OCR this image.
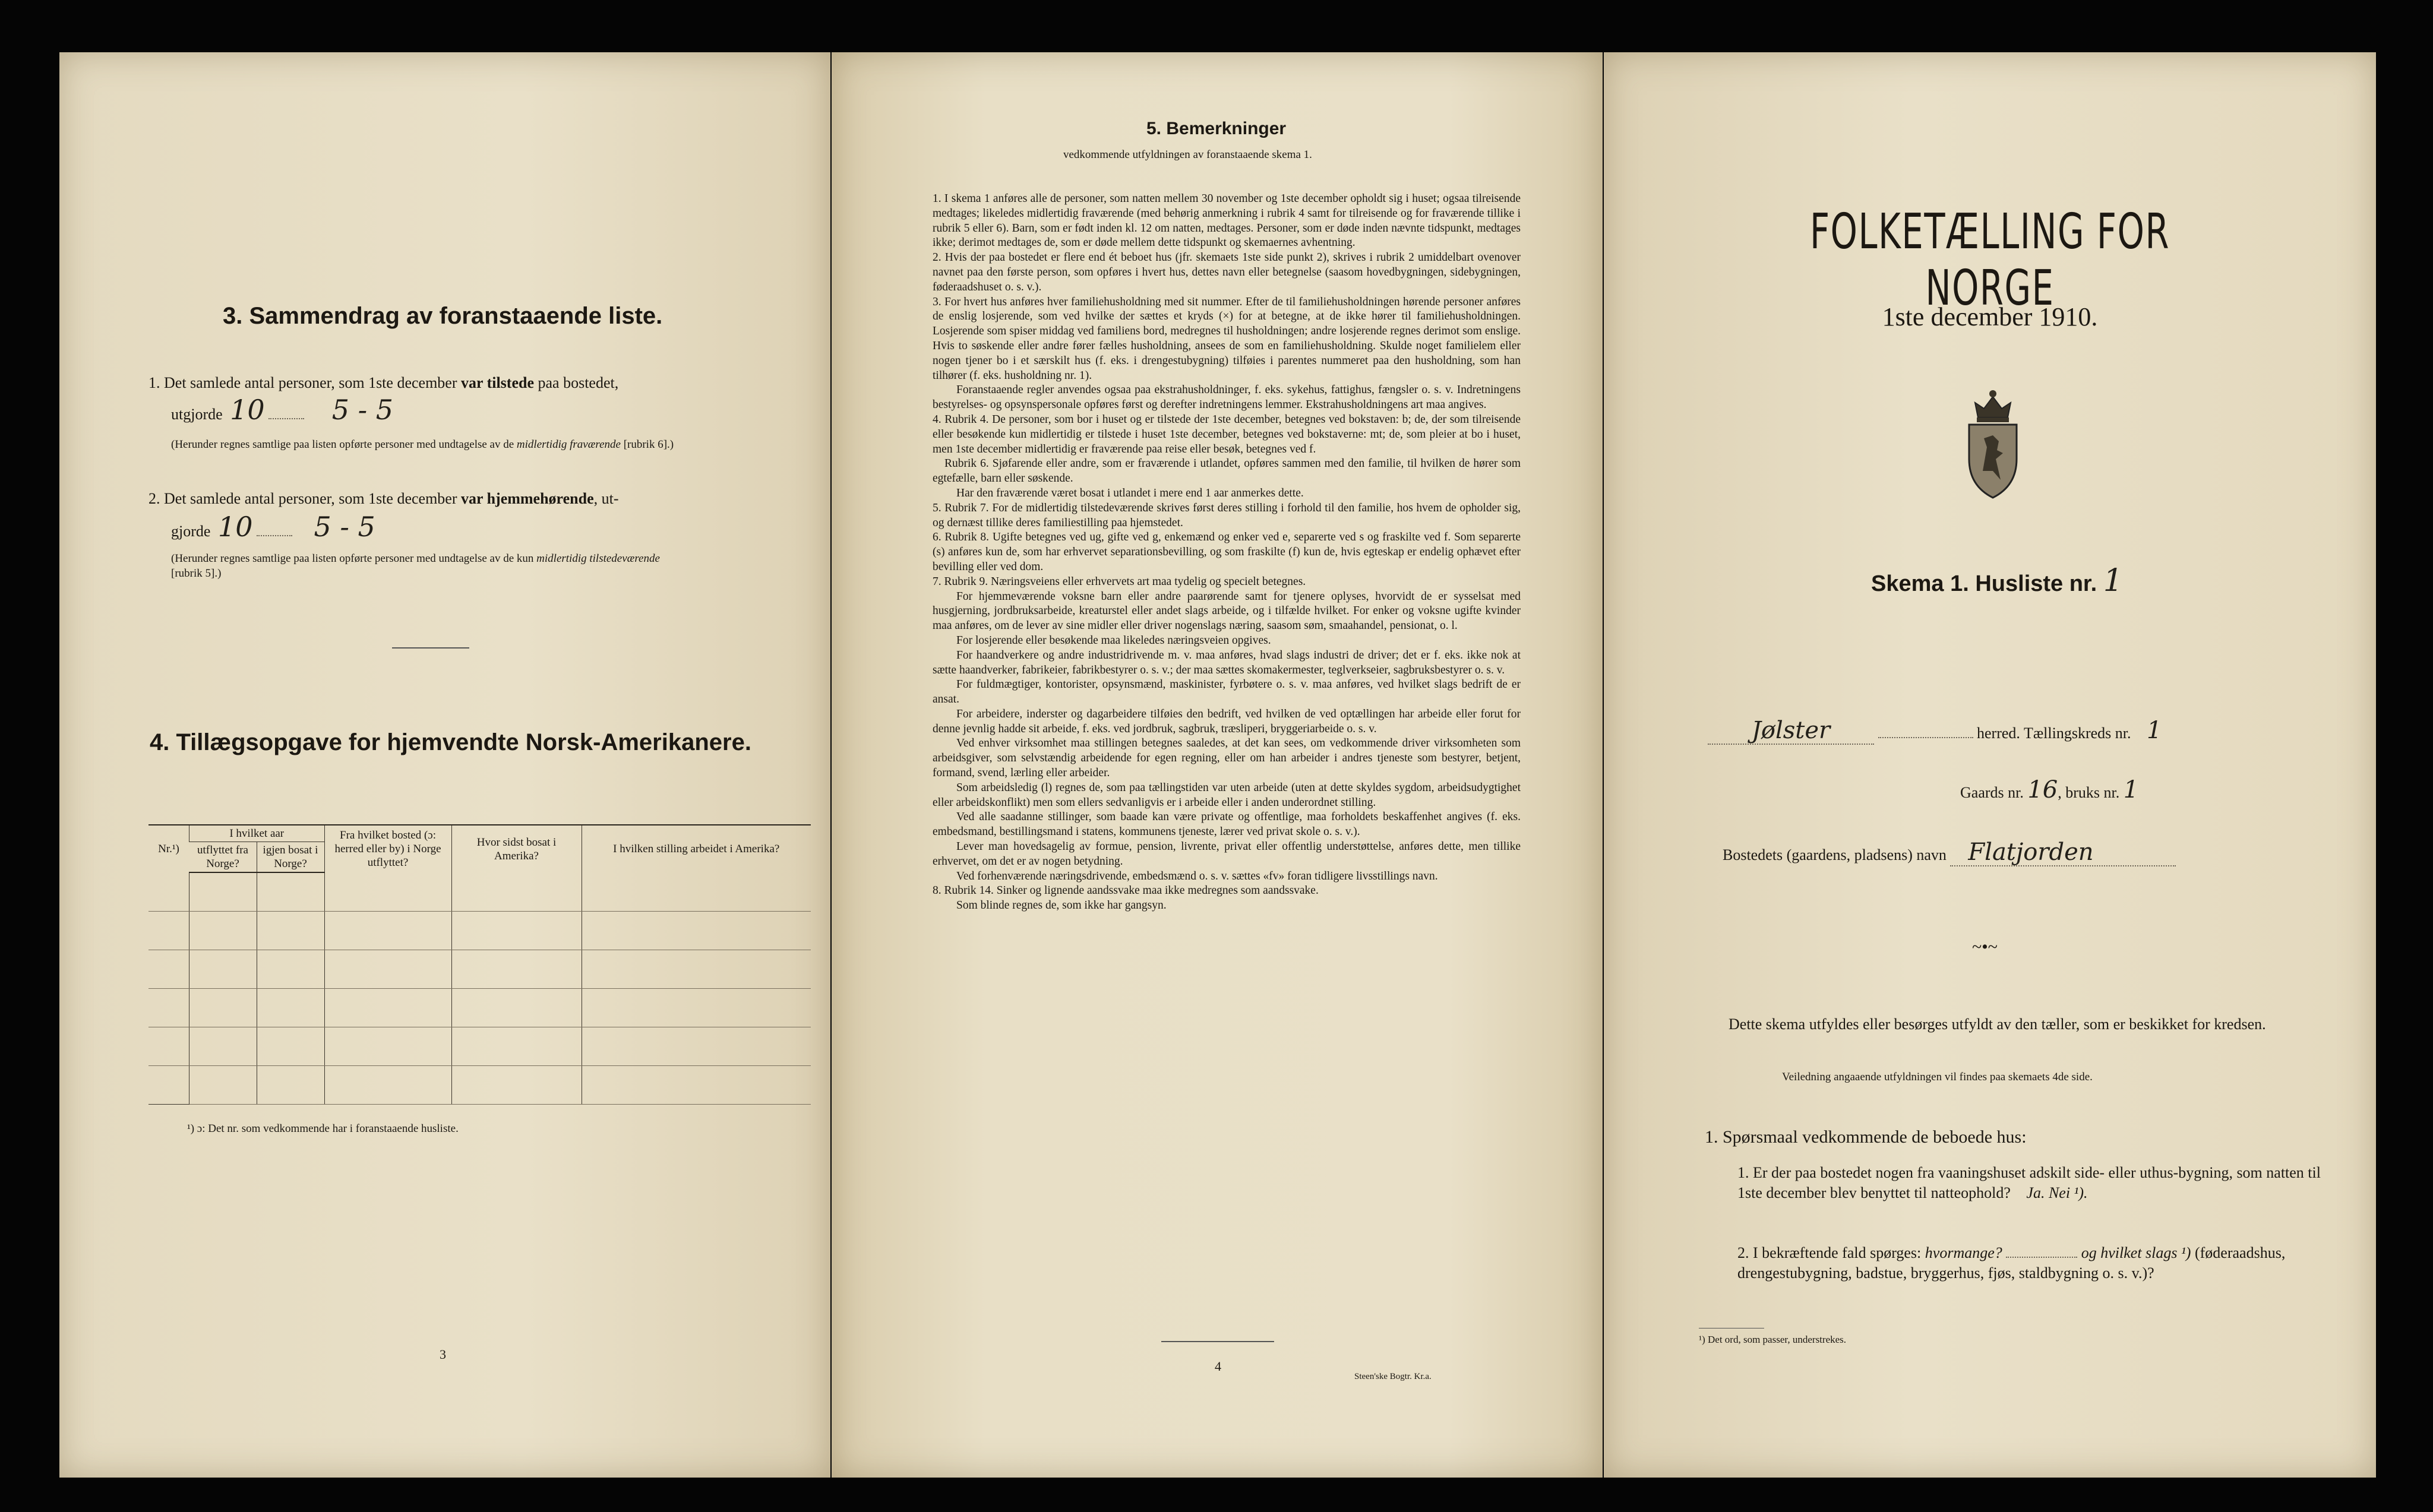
3. Sammendrag av foranstaaende liste.
1. Det samlede antal personer, som 1ste december var tilstede paa bostedet,
utgjorde 10 5 - 5
(Herunder regnes samtlige paa listen opførte personer med undtagelse av de midlertidig fraværende [rubrik 6].)
2. Det samlede antal personer, som 1ste december var hjemmehørende, ut-
gjorde 10 5 - 5
(Herunder regnes samtlige paa listen opførte personer med undtagelse av de kun midlertidig tilstedeværende [rubrik 5].)
4. Tillægsopgave for hjemvendte Norsk-Amerikanere.
Nr.¹)	I hvilket aar		Fra hvilket bosted (ɔ: herred eller by) i Norge utflyttet?	Hvor sidst bosat i Amerika?	I hvilken stilling arbeidet i Amerika?
	utflyttet fra Norge?	igjen bosat i Norge?			

¹) ɔ: Det nr. som vedkommende har i foranstaaende husliste.
3
5. Bemerkninger
vedkommende utfyldningen av foranstaaende skema 1.

1. I skema 1 anføres alle de personer, som natten mellem 30 november og 1ste december opholdt sig i huset; ogsaa tilreisende medtages; likeledes midlertidig fraværende (med behørig anmerkning i rubrik 4 samt for tilreisende og for fraværende tillike i rubrik 5 eller 6). Barn, som er født inden kl. 12 om natten, medtages. Personer, som er døde inden nævnte tidspunkt, medtages ikke; derimot medtages de, som er døde mellem dette tidspunkt og skemaernes avhentning.

2. Hvis der paa bostedet er flere end ét beboet hus (jfr. skemaets 1ste side punkt 2), skrives i rubrik 2 umiddelbart ovenover navnet paa den første person, som opføres i hvert hus, dettes navn eller betegnelse (saasom hovedbygningen, sidebygningen, føderaadshuset o. s. v.).

3. For hvert hus anføres hver familiehusholdning med sit nummer. Efter de til familiehusholdningen hørende personer anføres de enslig losjerende, som ved hvilke der sættes et kryds (×) for at betegne, at de ikke hører til familiehusholdningen. Losjerende som spiser middag ved familiens bord, medregnes til husholdningen; andre losjerende regnes derimot som enslige. Hvis to søskende eller andre fører fælles husholdning, ansees de som en familiehusholdning. Skulde noget familielem eller nogen tjener bo i et særskilt hus (f. eks. i drengestubygning) tilføies i parentes nummeret paa den husholdning, som han tilhører (f. eks. husholdning nr. 1).

Foranstaaende regler anvendes ogsaa paa ekstrahusholdninger, f. eks. sykehus, fattighus, fængsler o. s. v. Indretningens bestyrelses- og opsynspersonale opføres først og derefter indretningens lemmer. Ekstrahusholdningens art maa angives.

4. Rubrik 4. De personer, som bor i huset og er tilstede der 1ste december, betegnes ved bokstaven: b; de, der som tilreisende eller besøkende kun midlertidig er tilstede i huset 1ste december, betegnes ved bokstaverne: mt; de, som pleier at bo i huset, men 1ste december midlertidig er fraværende paa reise eller besøk, betegnes ved f.

Rubrik 6. Sjøfarende eller andre, som er fraværende i utlandet, opføres sammen med den familie, til hvilken de hører som egtefælle, barn eller søskende.

Har den fraværende været bosat i utlandet i mere end 1 aar anmerkes dette.

5. Rubrik 7. For de midlertidig tilstedeværende skrives først deres stilling i forhold til den familie, hos hvem de opholder sig, og dernæst tillike deres familiestilling paa hjemstedet.

6. Rubrik 8. Ugifte betegnes ved ug, gifte ved g, enkemænd og enker ved e, separerte ved s og fraskilte ved f. Som separerte (s) anføres kun de, som har erhvervet separationsbevilling, og som fraskilte (f) kun de, hvis egteskap er endelig ophævet efter bevilling eller ved dom.

7. Rubrik 9. Næringsveiens eller erhvervets art maa tydelig og specielt betegnes.

For hjemmeværende voksne barn eller andre paarørende samt for tjenere oplyses, hvorvidt de er sysselsat med husgjerning, jordbruksarbeide, kreaturstel eller andet slags arbeide, og i tilfælde hvilket. For enker og voksne ugifte kvinder maa anføres, om de lever av sine midler eller driver nogenslags næring, saasom søm, smaahandel, pensionat, o. l.

For losjerende eller besøkende maa likeledes næringsveien opgives.

For haandverkere og andre industridrivende m. v. maa anføres, hvad slags industri de driver; det er f. eks. ikke nok at sætte haandverker, fabrikeier, fabrikbestyrer o. s. v.; der maa sættes skomakermester, teglverkseier, sagbruksbestyrer o. s. v.

For fuldmægtiger, kontorister, opsynsmænd, maskinister, fyrbøtere o. s. v. maa anføres, ved hvilket slags bedrift de er ansat.

For arbeidere, inderster og dagarbeidere tilføies den bedrift, ved hvilken de ved optællingen har arbeide eller forut for denne jevnlig hadde sit arbeide, f. eks. ved jordbruk, sagbruk, træsliperi, bryggeriarbeide o. s. v.

Ved enhver virksomhet maa stillingen betegnes saaledes, at det kan sees, om vedkommende driver virksomheten som arbeidsgiver, som selvstændig arbeidende for egen regning, eller om han arbeider i andres tjeneste som bestyrer, betjent, formand, svend, lærling eller arbeider.

Som arbeidsledig (l) regnes de, som paa tællingstiden var uten arbeide (uten at dette skyldes sygdom, arbeidsudygtighet eller arbeidskonflikt) men som ellers sedvanligvis er i arbeide eller i anden underordnet stilling.

Ved alle saadanne stillinger, som baade kan være private og offentlige, maa forholdets beskaffenhet angives (f. eks. embedsmand, bestillingsmand i statens, kommunens tjeneste, lærer ved privat skole o. s. v.).

Lever man hovedsagelig av formue, pension, livrente, privat eller offentlig understøttelse, anføres dette, men tillike erhvervet, om det er av nogen betydning.

Ved forhenværende næringsdrivende, embedsmænd o. s. v. sættes «fv» foran tidligere livsstillings navn.

8. Rubrik 14. Sinker og lignende aandssvake maa ikke medregnes som aandssvake.

Som blinde regnes de, som ikke har gangsyn.

4
Steen'ske Bogtr. Kr.a.
FOLKETÆLLING FOR NORGE
1ste december 1910.
Skema 1. Husliste nr. 1
Jølster	herred. Tællingskreds nr. 1
Gaards nr. 16, bruks nr. 1
Bostedets (gaardens, pladsens) navn Flatjorden
~•~
Dette skema utfyldes eller besørges utfyldt av den tæller, som er beskikket for kredsen.
Veiledning angaaende utfyldningen vil findes paa skemaets 4de side.
1. Spørsmaal vedkommende de beboede hus:
1. Er der paa bostedet nogen fra vaaningshuset adskilt side- eller uthus-bygning, som natten til 1ste december blev benyttet til natteophold? Ja. Nei ¹).
2. I bekræftende fald spørges: hvormange?	og hvilket slags ¹) (føderaadshus, drengestubygning, badstue, bryggerhus, fjøs, staldbygning o. s. v.)?
¹) Det ord, som passer, understrekes.
